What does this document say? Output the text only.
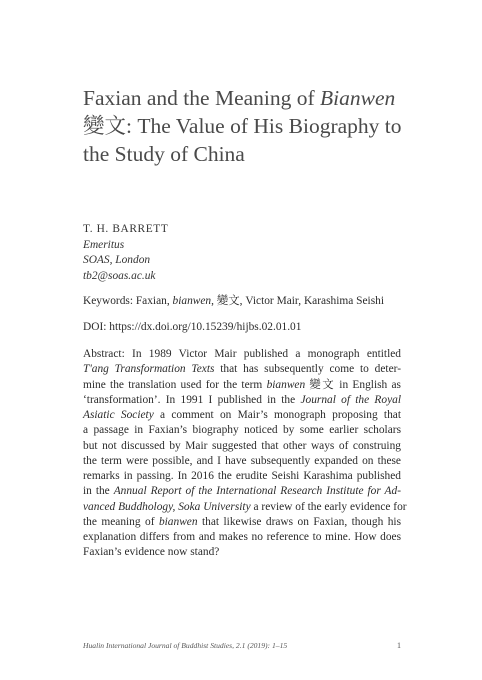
Faxian and the Meaning of Bianwen
變文: The Value of His Biography to
the Study of China
T. H. BARRETT
Emeritus
SOAS, London
tb2@soas.ac.uk
Keywords: Faxian, bianwen, 變文, Victor Mair, Karashima Seishi
DOI: https://dx.doi.org/10.15239/hijbs.02.01.01
Abstract: In 1989 Victor Mair published a monograph entitled
T'ang Transformation Texts that has subsequently come to deter-
mine the translation used for the term bianwen 變文 in English as
‘transformation’. In 1991 I published in the Journal of the Royal
Asiatic Society a comment on Mair’s monograph proposing that
a passage in Faxian’s biography noticed by some earlier scholars
but not discussed by Mair suggested that other ways of construing
the term were possible, and I have subsequently expanded on these
remarks in passing. In 2016 the erudite Seishi Karashima published
in the Annual Report of the International Research Institute for Ad-
vanced Buddhology, Soka University a review of the early evidence for
the meaning of bianwen that likewise draws on Faxian, though his
explanation differs from and makes no reference to mine. How does
Faxian’s evidence now stand?
Hualin International Journal of Buddhist Studies, 2.1 (2019): 1–15	1
